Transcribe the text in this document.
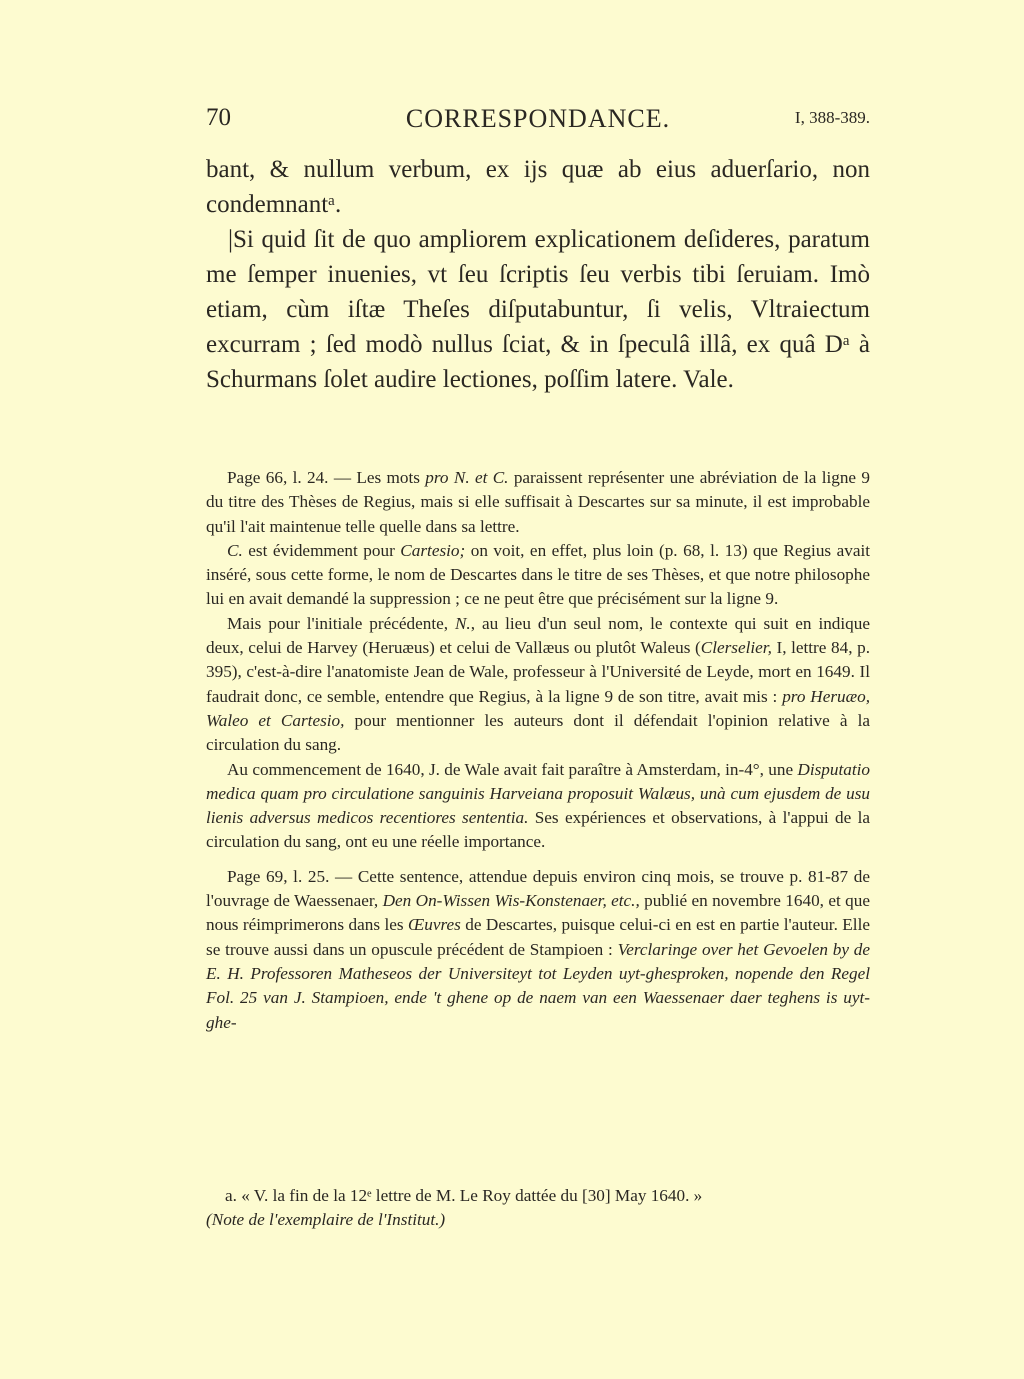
70	CORRESPONDANCE.	I, 388-389.

bant, & nullum verbum, ex ijs quæ ab eius aduerſario, non condemnantᵃ.

|Si quid ſit de quo ampliorem explicationem deſideres, paratum me ſemper inuenies, vt ſeu ſcriptis ſeu verbis tibi ſeruiam. Imò etiam, cùm iſtæ Theſes diſputabuntur, ſi velis, Vltraiectum excurram ; ſed modò nullus ſciat, & in ſpeculâ illâ, ex quâ Dᵃ à Schurmans ſolet audire lectiones, poſſim latere. Vale.

Page 66, l. 24. — Les mots pro N. et C. paraissent représenter une abréviation de la ligne 9 du titre des Thèses de Regius, mais si elle suffisait à Descartes sur sa minute, il est improbable qu'il l'ait maintenue telle quelle dans sa lettre.

C. est évidemment pour Cartesio; on voit, en effet, plus loin (p. 68, l. 13) que Regius avait inséré, sous cette forme, le nom de Descartes dans le titre de ses Thèses, et que notre philosophe lui en avait demandé la suppression ; ce ne peut être que précisément sur la ligne 9.

Mais pour l'initiale précédente, N., au lieu d'un seul nom, le contexte qui suit en indique deux, celui de Harvey (Heruæus) et celui de Vallæus ou plutôt Waleus (Clerselier, I, lettre 84, p. 395), c'est-à-dire l'anatomiste Jean de Wale, professeur à l'Université de Leyde, mort en 1649. Il faudrait donc, ce semble, entendre que Regius, à la ligne 9 de son titre, avait mis : pro Heruæo, Waleo et Cartesio, pour mentionner les auteurs dont il défendait l'opinion relative à la circulation du sang.

Au commencement de 1640, J. de Wale avait fait paraître à Amsterdam, in-4°, une Disputatio medica quam pro circulatione sanguinis Harveiana proposuit Walæus, unà cum ejusdem de usu lienis adversus medicos recentiores sententia. Ses expériences et observations, à l'appui de la circulation du sang, ont eu une réelle importance.

Page 69, l. 25. — Cette sentence, attendue depuis environ cinq mois, se trouve p. 81-87 de l'ouvrage de Waessenaer, Den On-Wissen Wis-Konstenaer, etc., publié en novembre 1640, et que nous réimprimerons dans les Œuvres de Descartes, puisque celui-ci en est en partie l'auteur. Elle se trouve aussi dans un opuscule précédent de Stampioen : Verclaringe over het Gevoelen by de E. H. Professoren Matheseos der Universiteyt tot Leyden uyt-ghesproken, nopende den Regel Fol. 25 van J. Stampioen, ende 't ghene op de naem van een Waessenaer daer teghens is uyt-ghe-

a. « V. la fin de la 12ᵉ lettre de M. Le Roy dattée du [30] May 1640. »

(Note de l'exemplaire de l'Institut.)
